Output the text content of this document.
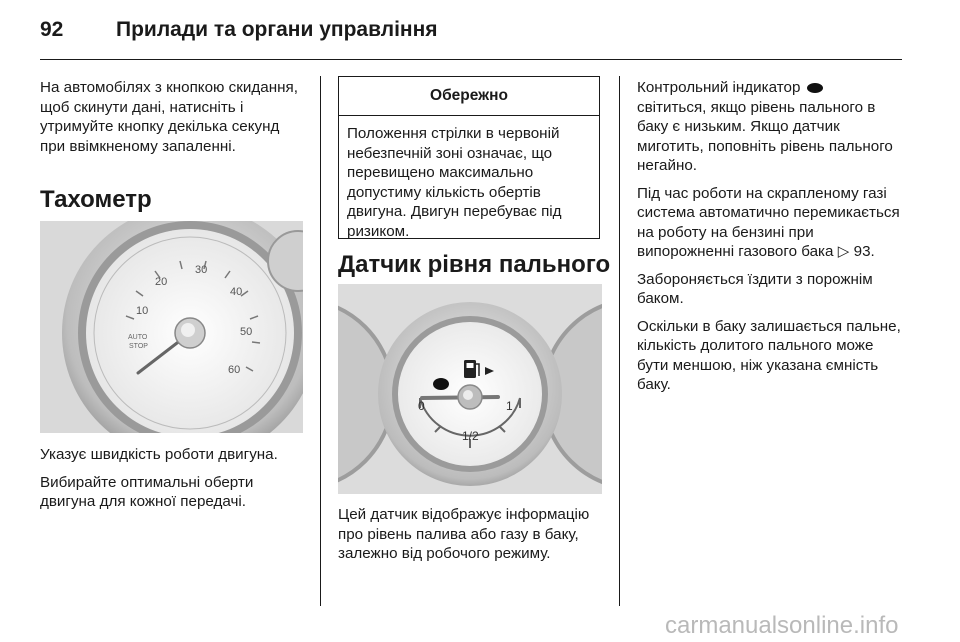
92	Прилади та органи управління

На автомобілях з кнопкою скидання, щоб скинути дані, натисніть і утримуйте кнопку декілька секунд при ввімкненому запаленні.

Тахометр
10
20
30
40
50
60
AUTO
STOP

Указує швидкість роботи двигуна.

Вибирайте оптимальні оберти двигуна для кожної передачі.

Обережно
Положення стрілки в червоній небезпечній зоні означає, що перевищено максимально допустиму кількість обертів двигуна. Двигун перебуває під ризиком.
Датчик рівня пального
0	1
1/2

Цей датчик відображує інформацію про рівень палива або газу в баку, залежно від робочого режиму.

Контрольний індикатор
світиться, якщо рівень пального в баку є низьким. Якщо датчик миготить, поповніть рівень пального негайно.

Під час роботи на скрапленому газі система автоматично перемикається на роботу на бензині при випорожненні газового бака ▷ 93.

Забороняється їздити з порожнім баком.

Оскільки в баку залишається пальне, кількість долитого пального може бути меншою, ніж указана ємність баку.

carmanualsonline.info
